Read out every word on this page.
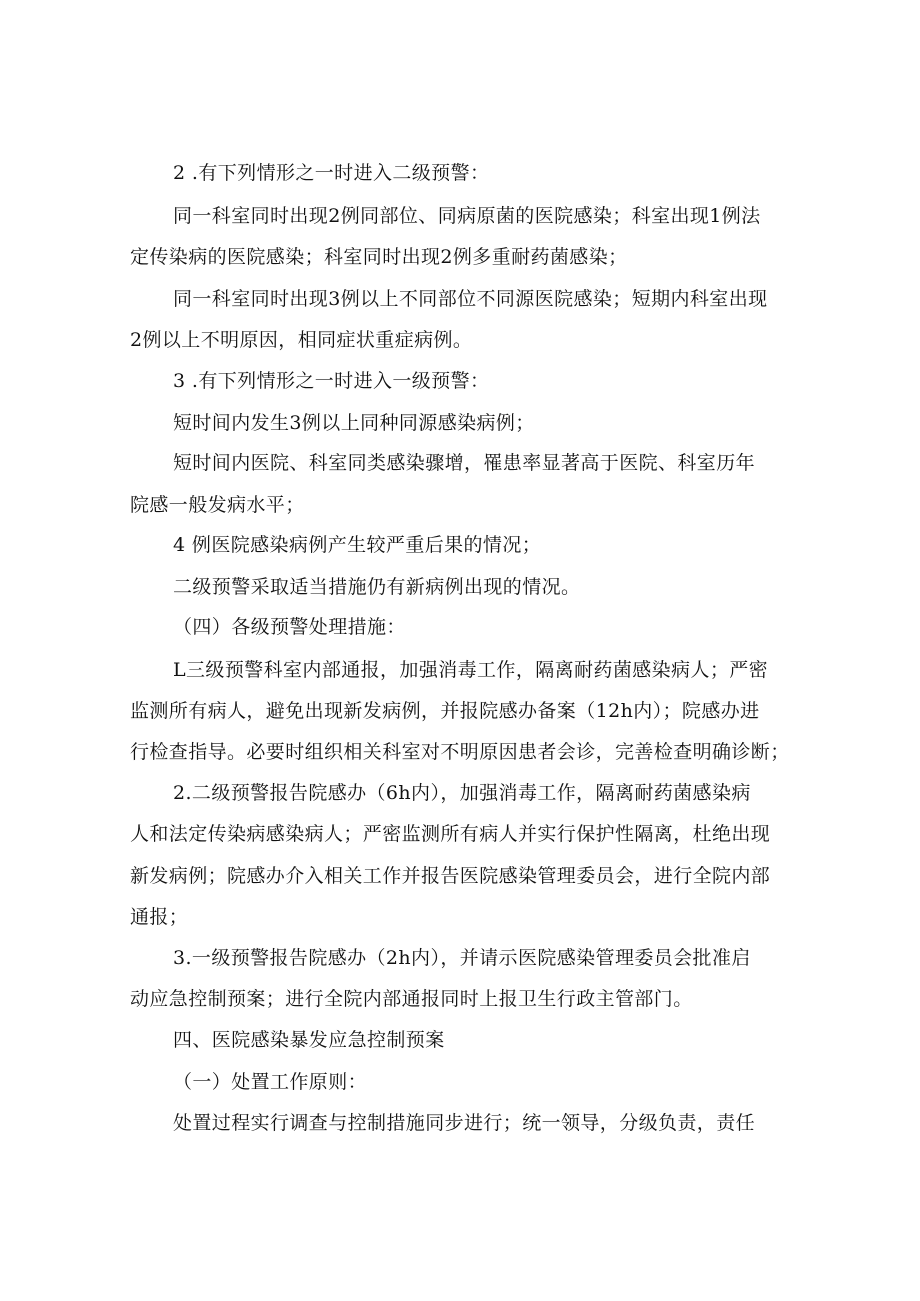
2 .有下列情形之一时进入二级预警：
同一科室同时出现2例同部位、同病原菌的医院感染；科室出现1例法
定传染病的医院感染；科室同时出现2例多重耐药菌感染；
同一科室同时出现3例以上不同部位不同源医院感染；短期内科室出现
2例以上不明原因，相同症状重症病例。
3 .有下列情形之一时进入一级预警：
短时间内发生3例以上同种同源感染病例；
短时间内医院、科室同类感染骤增，罹患率显著高于医院、科室历年
院感一般发病水平；
4 例医院感染病例产生较严重后果的情况；
二级预警采取适当措施仍有新病例出现的情况。
（四）各级预警处理措施：
L三级预警科室内部通报，加强消毒工作，隔离耐药菌感染病人；严密
监测所有病人，避免出现新发病例，并报院感办备案（12h内）；院感办进
行检查指导。必要时组织相关科室对不明原因患者会诊，完善检查明确诊断；
2.二级预警报告院感办（6h内），加强消毒工作，隔离耐药菌感染病
人和法定传染病感染病人；严密监测所有病人并实行保护性隔离，杜绝出现
新发病例；院感办介入相关工作并报告医院感染管理委员会，进行全院内部
通报；
3.一级预警报告院感办（2h内），并请示医院感染管理委员会批准启
动应急控制预案；进行全院内部通报同时上报卫生行政主管部门。
四、医院感染暴发应急控制预案
（一）处置工作原则：
处置过程实行调查与控制措施同步进行；统一领导，分级负责，责任
